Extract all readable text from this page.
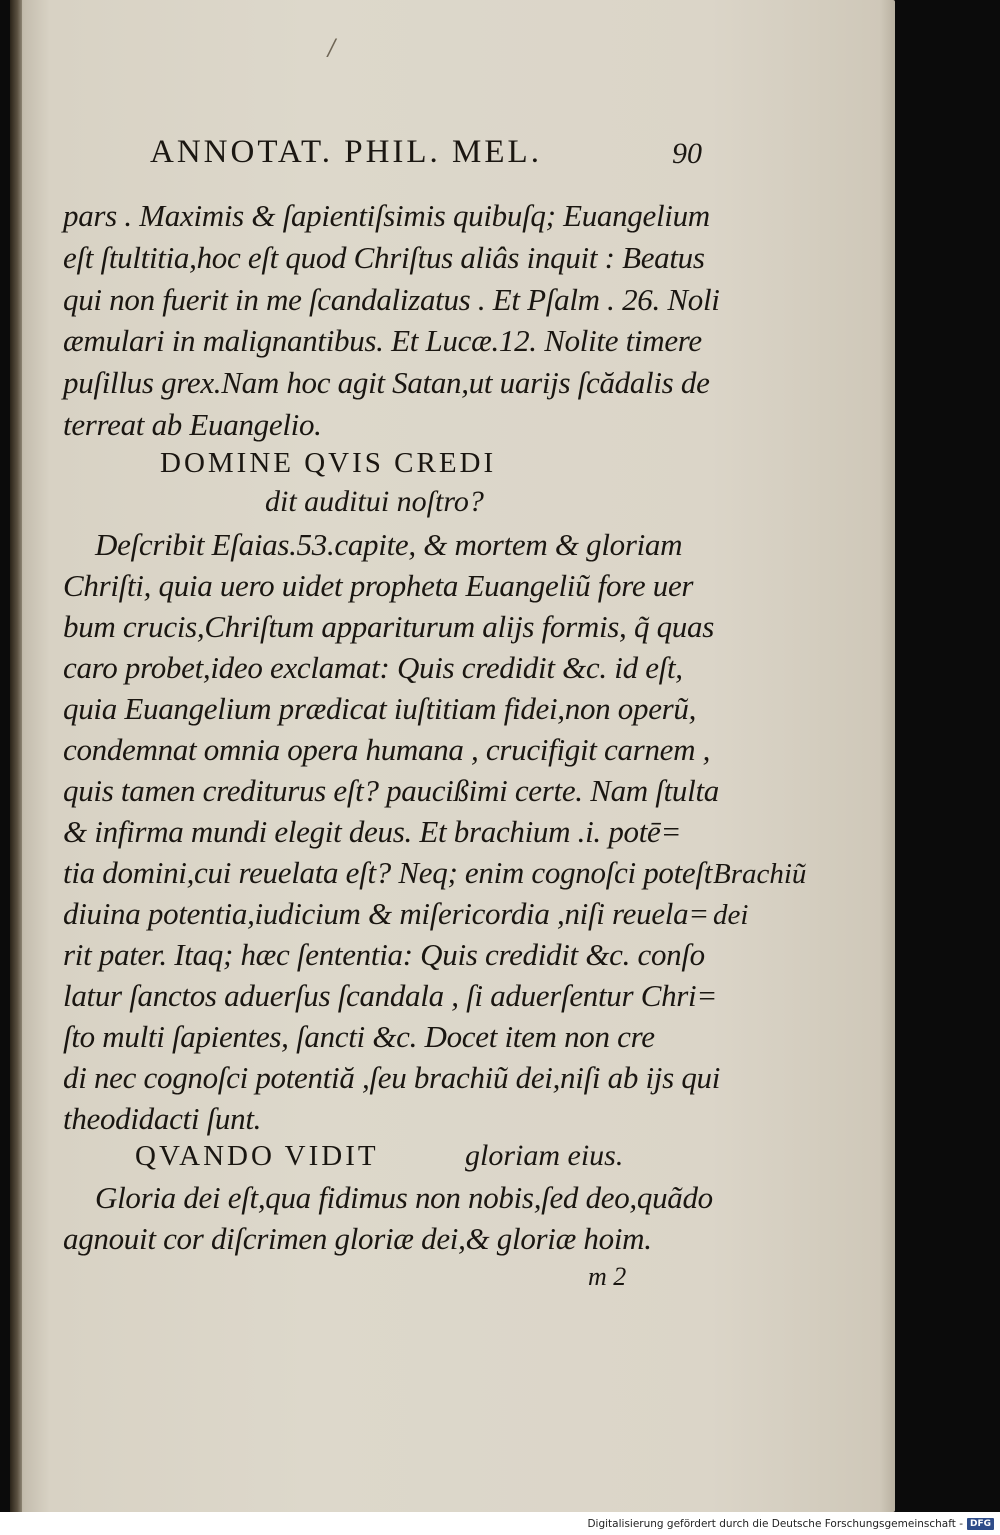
/
ANNOTAT. PHIL. MEL.	90
pars . Maximis & ſapientiſsimis quibuſq; Euangelium
eſt ſtultitia,hoc eſt quod Chriſtus aliâs inquit : Beatus
qui non fuerit in me ſcandalizatus . Et Pſalm . 26. Noli
æmulari in malignantibus. Et Lucæ.12. Nolite timere
puſillus grex.Nam hoc agit Satan,ut uarijs ſcădalis de
terreat ab Euangelio.
DOMINE QVIS CREDI
dit auditui noſtro?
Deſcribit Eſaias.53.capite, & mortem & gloriam
Chriſti, quia uero uidet propheta Euangeliũ fore uer
bum crucis,Chriſtum appariturum alijs formis, q̃ quas
caro probet,ideo exclamat: Quis credidit &c. id eſt,
quia Euangelium prædicat iuſtitiam fidei,non operũ,
condemnat omnia opera humana , crucifigit carnem ,
quis tamen crediturus eſt? paucißimi certe. Nam ſtulta
& infirma mundi elegit deus. Et brachium .i. potē=
tia domini,cui reuelata eſt? Neq; enim cognoſci poteſt
diuina potentia,iudicium & miſericordia ,niſi reuela=
rit pater. Itaq; hæc ſententia: Quis credidit &c. conſo
latur ſanctos aduerſus ſcandala , ſi aduerſentur Chri=
ſto multi ſapientes, ſancti &c. Docet item non cre
di nec cognoſci potentiă ,ſeu brachiũ dei,niſi ab ijs qui
theodidacti ſunt.
Brachiũ
dei
QVANDO VIDIT	gloriam eius.
Gloria dei eſt,qua fidimus non nobis,ſed deo,quãdo
agnouit cor diſcrimen gloriæ dei,& gloriæ hoim.
m 2
Digitalisierung gefördert durch die Deutsche Forschungsgemeinschaft - DFG
